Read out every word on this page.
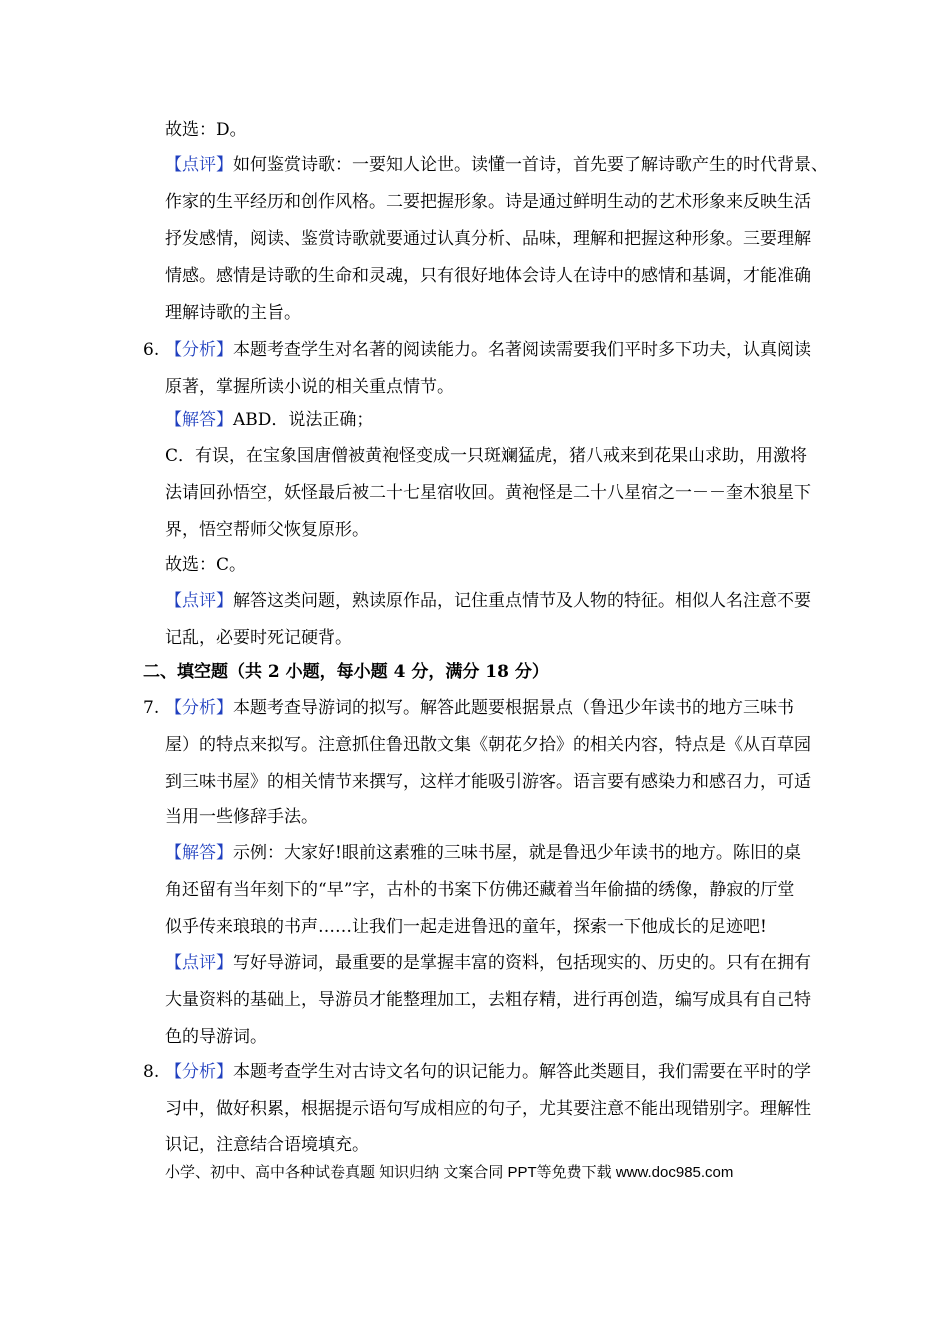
故选：D。
【点评】如何鉴赏诗歌：一要知人论世。读懂一首诗，首先要了解诗歌产生的时代背景、
作家的生平经历和创作风格。二要把握形象。诗是通过鲜明生动的艺术形象来反映生活
抒发感情，阅读、鉴赏诗歌就要通过认真分析、品味，理解和把握这种形象。三要理解
情感。感情是诗歌的生命和灵魂，只有很好地体会诗人在诗中的感情和基调，才能准确
理解诗歌的主旨。
6. 【分析】本题考查学生对名著的阅读能力。名著阅读需要我们平时多下功夫，认真阅读
原著，掌握所读小说的相关重点情节。
【解答】ABD．说法正确；
C．有误，在宝象国唐僧被黄袍怪变成一只斑斓猛虎，猪八戒来到花果山求助，用激将
法请回孙悟空，妖怪最后被二十七星宿收回。黄袍怪是二十八星宿之一－－奎木狼星下
界，悟空帮师父恢复原形。
故选：C。
【点评】解答这类问题，熟读原作品，记住重点情节及人物的特征。相似人名注意不要
记乱，必要时死记硬背。
二、填空题（共 2 小题，每小题 4 分，满分 18 分）
7. 【分析】本题考查导游词的拟写。解答此题要根据景点（鲁迅少年读书的地方三味书
屋）的特点来拟写。注意抓住鲁迅散文集《朝花夕拾》的相关内容，特点是《从百草园
到三味书屋》的相关情节来撰写，这样才能吸引游客。语言要有感染力和感召力，可适
当用一些修辞手法。
【解答】示例：大家好!眼前这素雅的三味书屋，就是鲁迅少年读书的地方。陈旧的桌
角还留有当年刻下的“早”字，古朴的书案下仿佛还藏着当年偷描的绣像，静寂的厅堂
似乎传来琅琅的书声……让我们一起走进鲁迅的童年，探索一下他成长的足迹吧!
【点评】写好导游词，最重要的是掌握丰富的资料，包括现实的、历史的。只有在拥有
大量资料的基础上，导游员才能整理加工，去粗存精，进行再创造，编写成具有自己特
色的导游词。
8. 【分析】本题考查学生对古诗文名句的识记能力。解答此类题目，我们需要在平时的学
习中，做好积累，根据提示语句写成相应的句子，尤其要注意不能出现错别字。理解性
识记，注意结合语境填充。
小学、初中、高中各种试卷真题 知识归纳 文案合同 PPT等免费下载 www.doc985.com
